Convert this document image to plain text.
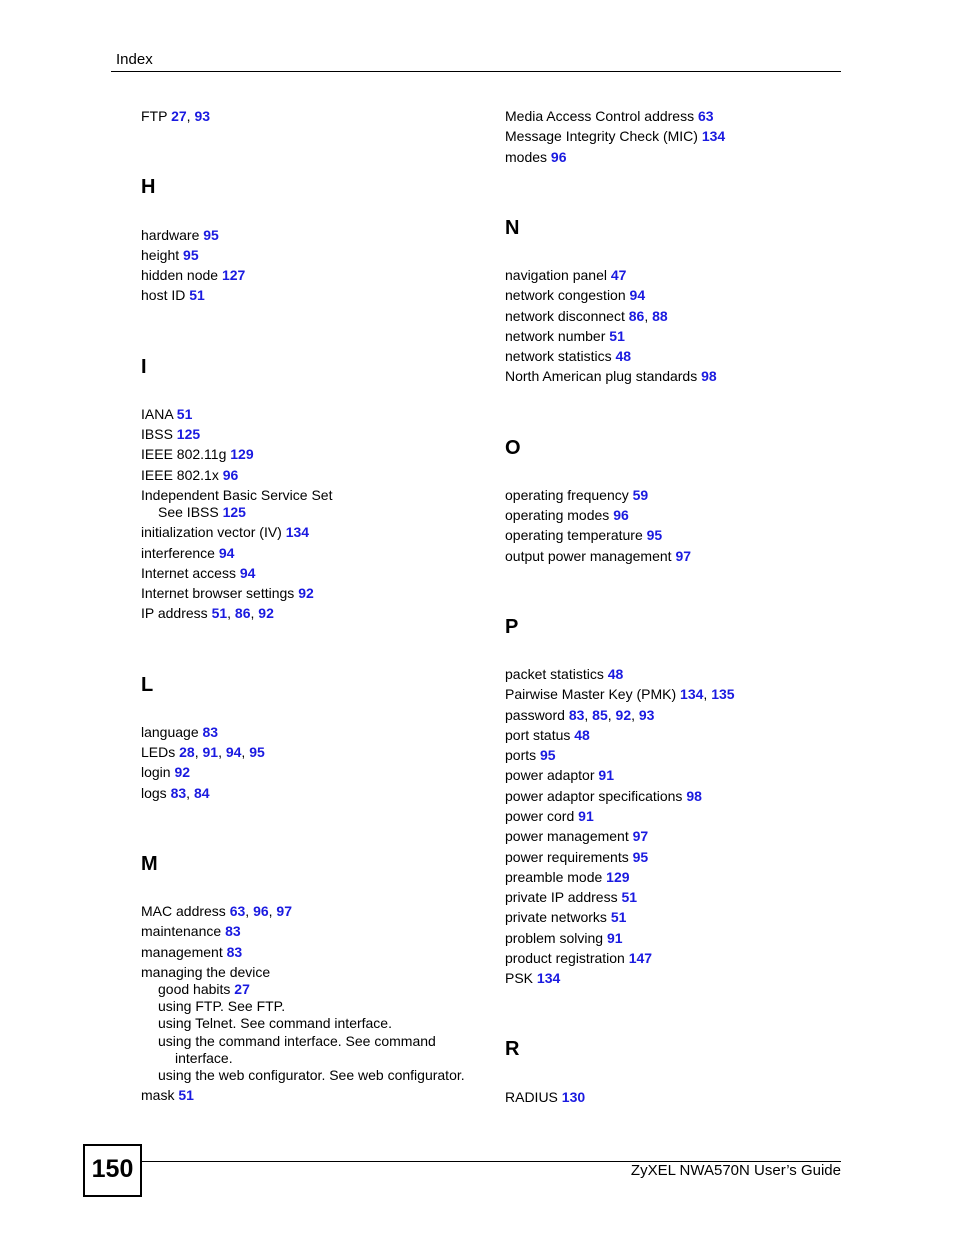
Index
FTP 27, 93
H
hardware 95
height 95
hidden node 127
host ID 51
I
IANA 51
IBSS 125
IEEE 802.11g 129
IEEE 802.1x 96
Independent Basic Service Set
See IBSS 125
initialization vector (IV) 134
interference 94
Internet access 94
Internet browser settings 92
IP address 51, 86, 92
L
language 83
LEDs 28, 91, 94, 95
login 92
logs 83, 84
M
MAC address 63, 96, 97
maintenance 83
management 83
managing the device
good habits 27
using FTP. See FTP.
using Telnet. See command interface.
using the command interface. See command
interface.
using the web configurator. See web configurator.
mask 51
Media Access Control address 63
Message Integrity Check (MIC) 134
modes 96
N
navigation panel 47
network congestion 94
network disconnect 86, 88
network number 51
network statistics 48
North American plug standards 98
O
operating frequency 59
operating modes 96
operating temperature 95
output power management 97
P
packet statistics 48
Pairwise Master Key (PMK) 134, 135
password 83, 85, 92, 93
port status 48
ports 95
power adaptor 91
power adaptor specifications 98
power cord 91
power management 97
power requirements 95
preamble mode 129
private IP address 51
private networks 51
problem solving 91
product registration 147
PSK 134
R
RADIUS 130
150	ZyXEL NWA570N User’s Guide
